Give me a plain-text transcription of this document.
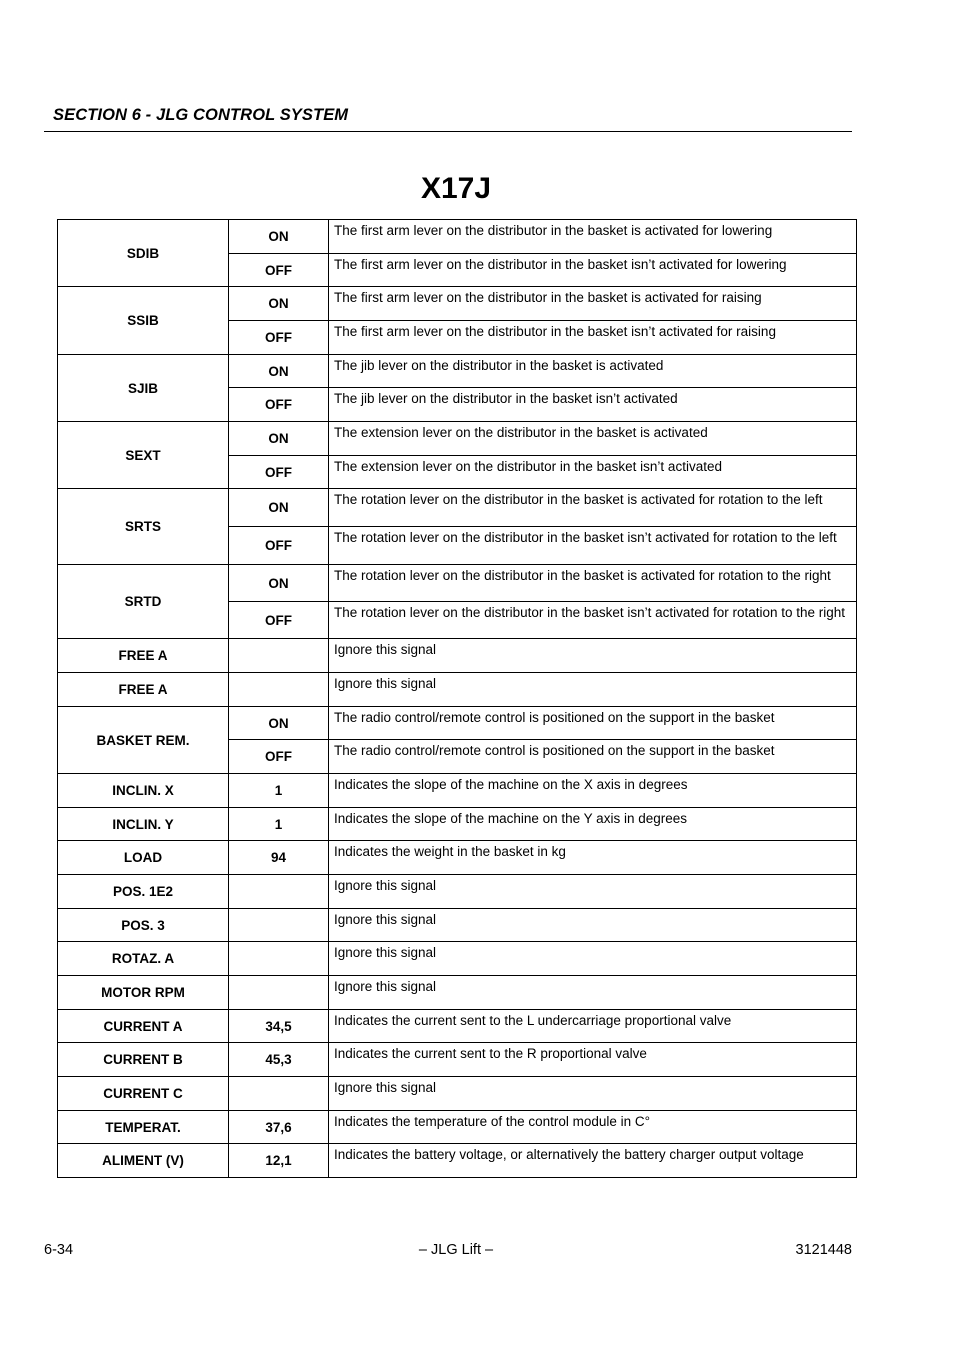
SECTION 6 - JLG CONTROL SYSTEM
X17J
SDIB	ON	The first arm lever on the distributor in the basket is activated for lowering
	OFF	The first arm lever on the distributor in the basket isn’t activated for lowering
SSIB	ON	The first arm lever on the distributor in the basket is activated for raising
	OFF	The first arm lever on the distributor in the basket isn’t activated for raising
SJIB	ON	The jib lever on the distributor in the basket is activated
	OFF	The jib lever on the distributor in the basket isn’t activated
SEXT	ON	The extension lever on the distributor in the basket is activated
	OFF	The extension lever on the distributor in the basket isn’t activated
SRTS	ON	The rotation lever on the distributor in the basket is activated for rotation to the left
	OFF	The rotation lever on the distributor in the basket isn’t activated for rotation to the left
SRTD	ON	The rotation lever on the distributor in the basket is activated for rotation to the right
	OFF	The rotation lever on the distributor in the basket isn’t activated for rotation to the right
FREE A		Ignore this signal
FREE A		Ignore this signal
BASKET REM.	ON	The radio control/remote control is positioned on the support in the basket
	OFF	The radio control/remote control is positioned on the support in the basket
INCLIN. X	1	Indicates the slope of the machine on the X axis in degrees
INCLIN. Y	1	Indicates the slope of the machine on the Y axis in degrees
LOAD	94	Indicates the weight in the basket in kg
POS. 1E2		Ignore this signal
POS. 3		Ignore this signal
ROTAZ. A		Ignore this signal
MOTOR RPM		Ignore this signal
CURRENT A	34,5	Indicates the current sent to the L undercarriage proportional valve
CURRENT B	45,3	Indicates the current sent to the R proportional valve
CURRENT C		Ignore this signal
TEMPERAT.	37,6	Indicates the temperature of the control module in C°
ALIMENT (V)	12,1	Indicates the battery voltage, or alternatively the battery charger output voltage
6-34	– JLG Lift –	3121448
